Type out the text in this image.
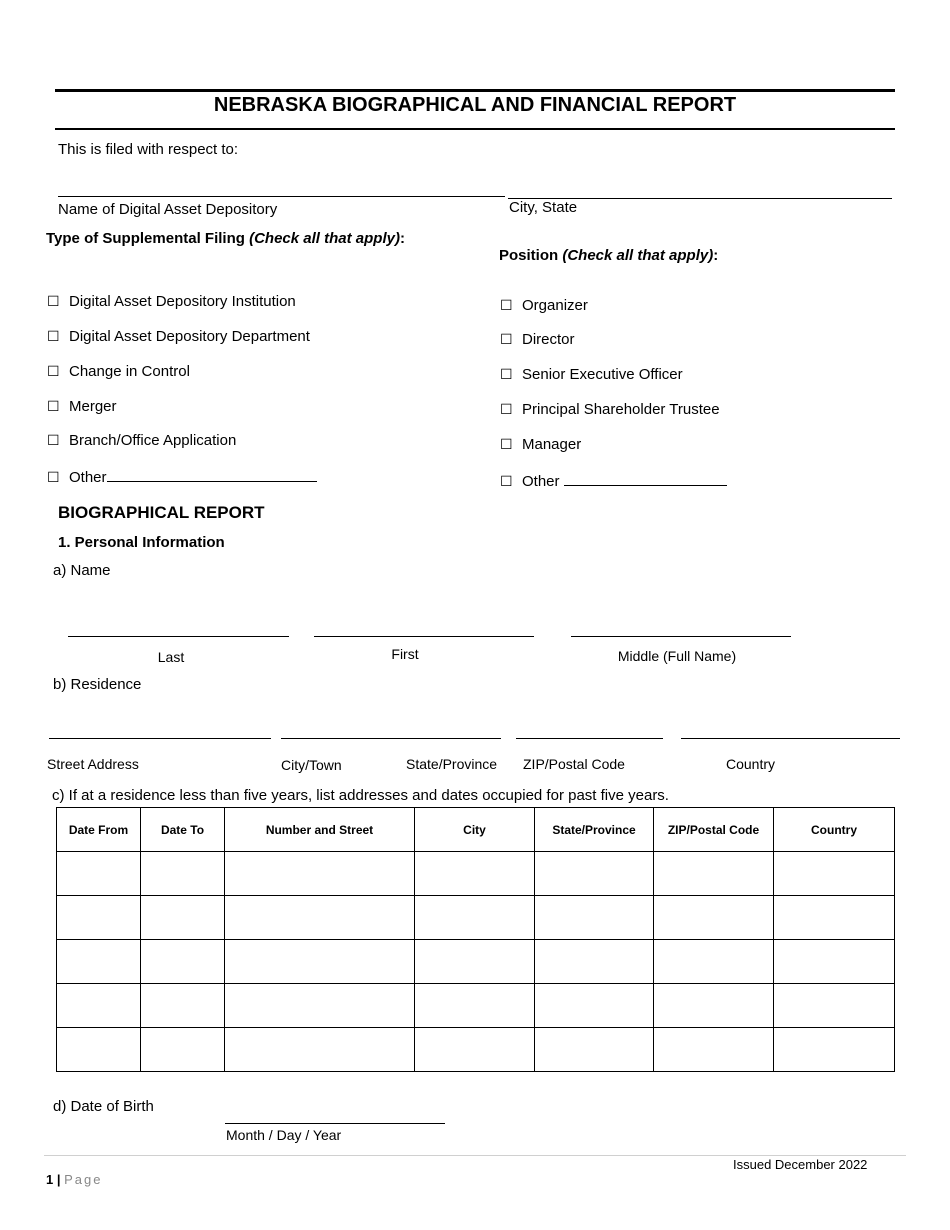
NEBRASKA BIOGRAPHICAL AND FINANCIAL REPORT
This is filed with respect to:
Name of Digital Asset Depository	City, State
Type of Supplemental Filing (Check all that apply):
Position (Check all that apply):
☐ Digital Asset Depository Institution
☐ Digital Asset Depository Department
☐ Change in Control
☐ Merger
☐ Branch/Office Application
☐ Other
☐ Organizer
☐ Director
☐ Senior Executive Officer
☐ Principal Shareholder Trustee
☐ Manager
☐ Other
BIOGRAPHICAL REPORT
1. Personal Information
a) Name
Last	First	Middle (Full Name)
b) Residence
Street Address	City/Town	State/Province ZIP/Postal Code	Country
c) If at a residence less than five years, list addresses and dates occupied for past five years.
Date From	Date To	Number and Street	City	State/Province	ZIP/Postal Code	Country

d) Date of Birth
Month / Day / Year
Issued December 2022
1 | Page
